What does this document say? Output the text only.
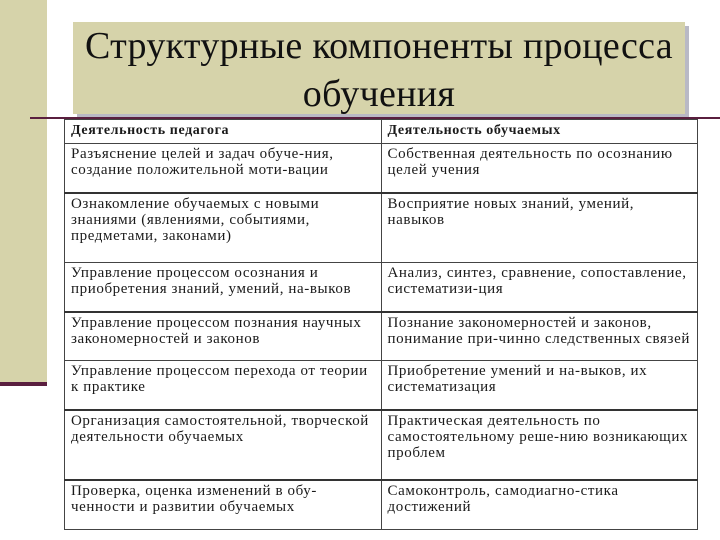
Структурные компоненты процесса обучения
Деятельность педагога	Деятельность обучаемых
Разъяснение целей и задач обуче-ния, создание положительной моти-вации	Собственная деятельность по осознанию целей учения
Ознакомление обучаемых с новыми знаниями (явлениями, событиями, предметами, законами)	Восприятие новых знаний, умений, навыков
Управление процессом осознания и приобретения знаний, умений, на-выков	Анализ, синтез, сравнение, сопоставление, систематизи-ция
Управление процессом познания научных закономерностей и законов	Познание закономерностей и законов, понимание при-чинно следственных связей
Управление процессом перехода от теории к практике	Приобретение умений и на-выков, их систематизация
Организация самостоятельной, творческой деятельности обучаемых	Практическая деятельность по самостоятельному реше-нию возникающих проблем
Проверка, оценка изменений в обу-ченности и развитии обучаемых	Самоконтроль, самодиагно-стика достижений
